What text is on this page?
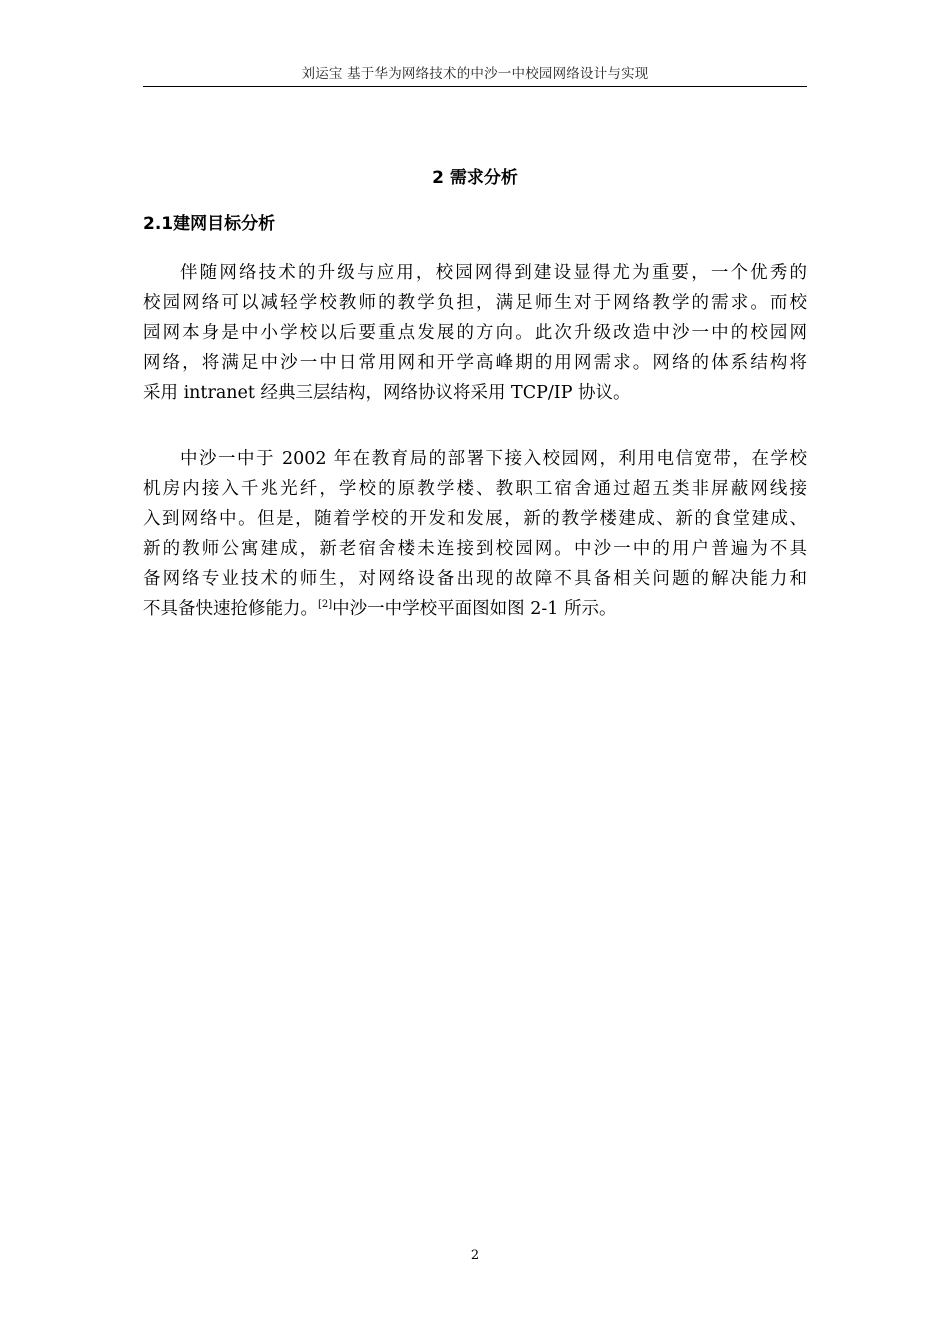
刘运宝 基于华为网络技术的中沙一中校园网络设计与实现
2 需求分析
2.1建网目标分析
伴随网络技术的升级与应用，校园网得到建设显得尤为重要，一个优秀的
校园网络可以减轻学校教师的教学负担，满足师生对于网络教学的需求。而校
园网本身是中小学校以后要重点发展的方向。此次升级改造中沙一中的校园网
网络，将满足中沙一中日常用网和开学高峰期的用网需求。网络的体系结构将
采用 intranet 经典三层结构，网络协议将采用 TCP/IP 协议。
中沙一中于 2002 年在教育局的部署下接入校园网，利用电信宽带，在学校
机房内接入千兆光纤，学校的原教学楼、教职工宿舍通过超五类非屏蔽网线接
入到网络中。但是，随着学校的开发和发展，新的教学楼建成、新的食堂建成、
新的教师公寓建成，新老宿舍楼未连接到校园网。中沙一中的用户普遍为不具
备网络专业技术的师生，对网络设备出现的故障不具备相关问题的解决能力和
不具备快速抢修能力。[2]中沙一中学校平面图如图 2-1 所示。
2
